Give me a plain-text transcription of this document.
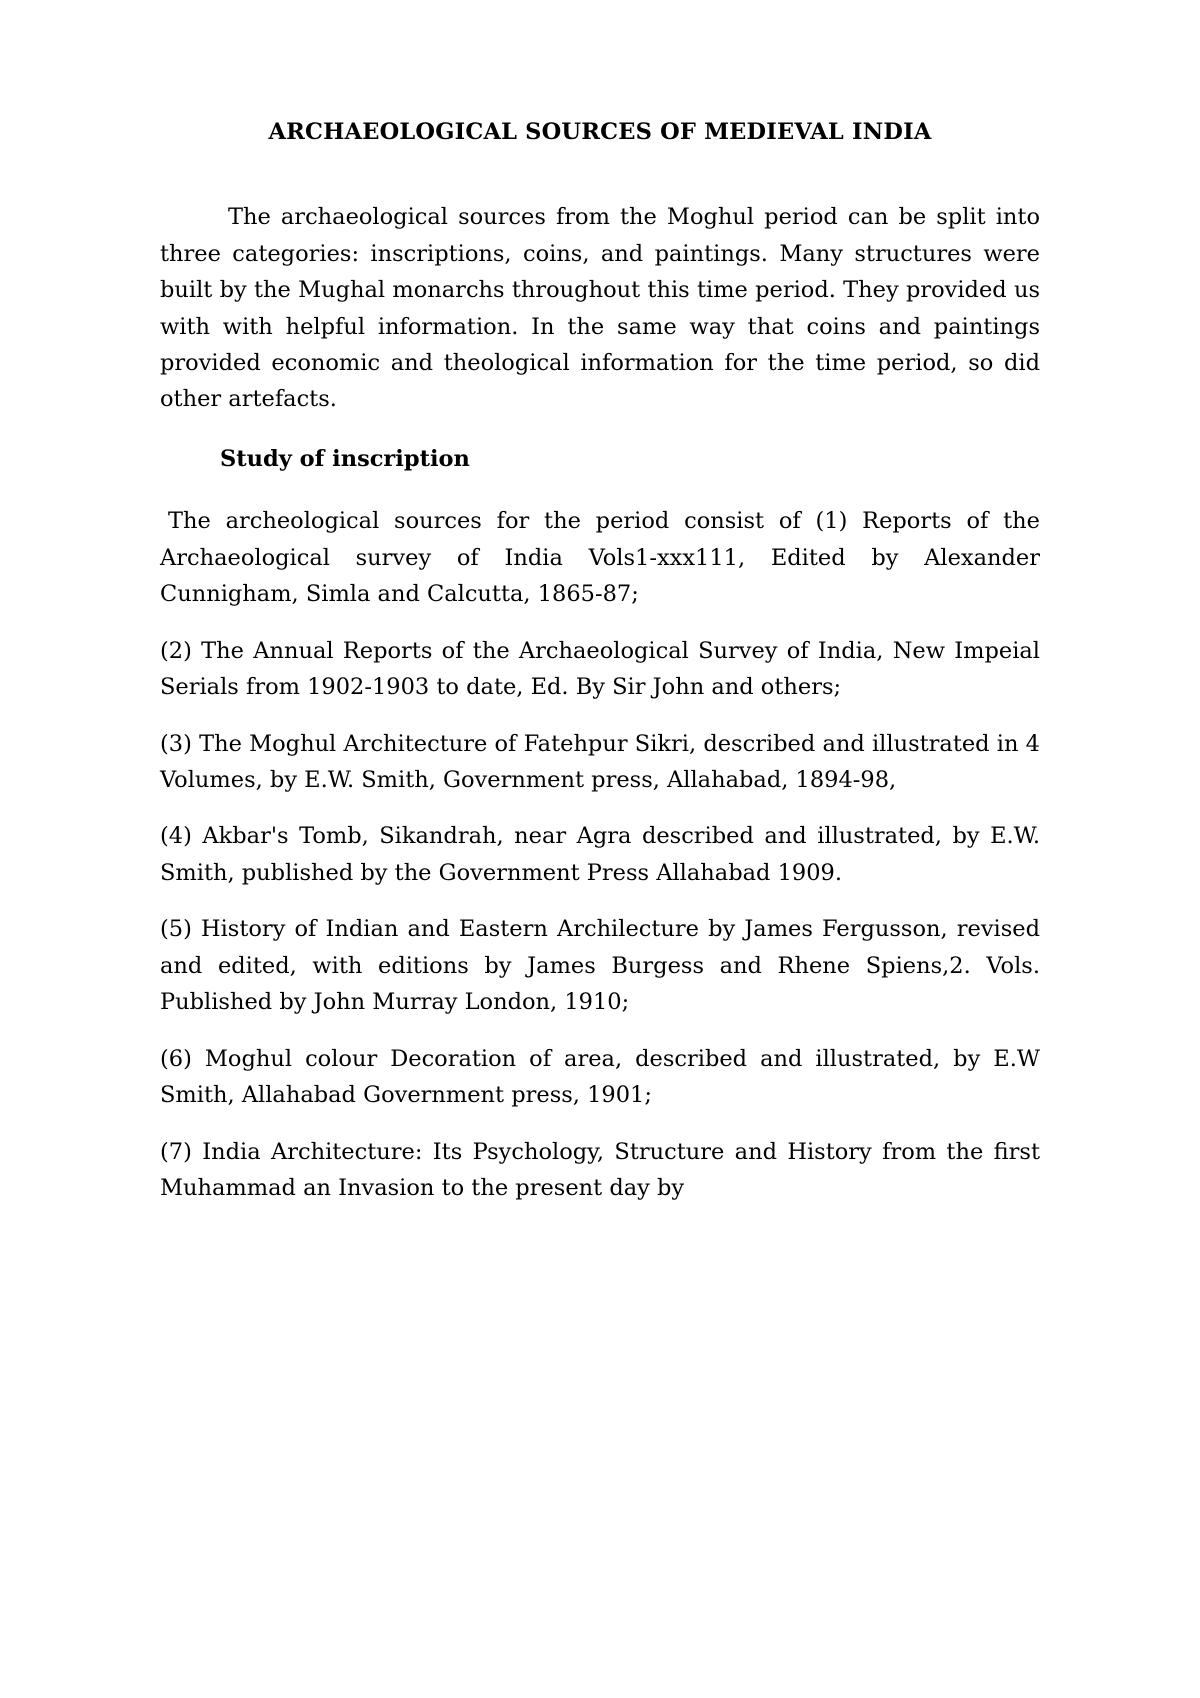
ARCHAEOLOGICAL SOURCES OF MEDIEVAL INDIA

The archaeological sources from the Moghul period can be split into three categories: inscriptions, coins, and paintings. Many structures were built by the Mughal monarchs throughout this time period. They provided us with with helpful information. In the same way that coins and paintings provided economic and theological information for the time period, so did other artefacts.

Study of inscription

The archeological sources for the period consist of (1) Reports of the Archaeological survey of India Vols1-xxx111, Edited by Alexander Cunnigham, Simla and Calcutta, 1865-87;

(2) The Annual Reports of the Archaeological Survey of India, New Impeial Serials from 1902-1903 to date, Ed. By Sir John and others;

(3) The Moghul Architecture of Fatehpur Sikri, described and illustrated in 4 Volumes, by E.W. Smith, Government press, Allahabad, 1894-98,

(4) Akbar's Tomb, Sikandrah, near Agra described and illustrated, by E.W. Smith, published by the Government Press Allahabad 1909.

(5) History of Indian and Eastern Archilecture by James Fergusson, revised and edited, with editions by James Burgess and Rhene Spiens,2. Vols. Published by John Murray London, 1910;

(6) Moghul colour Decoration of area, described and illustrated, by E.W Smith, Allahabad Government press, 1901;

(7) India Architecture: Its Psychology, Structure and History from the first Muhammad an Invasion to the present day by
